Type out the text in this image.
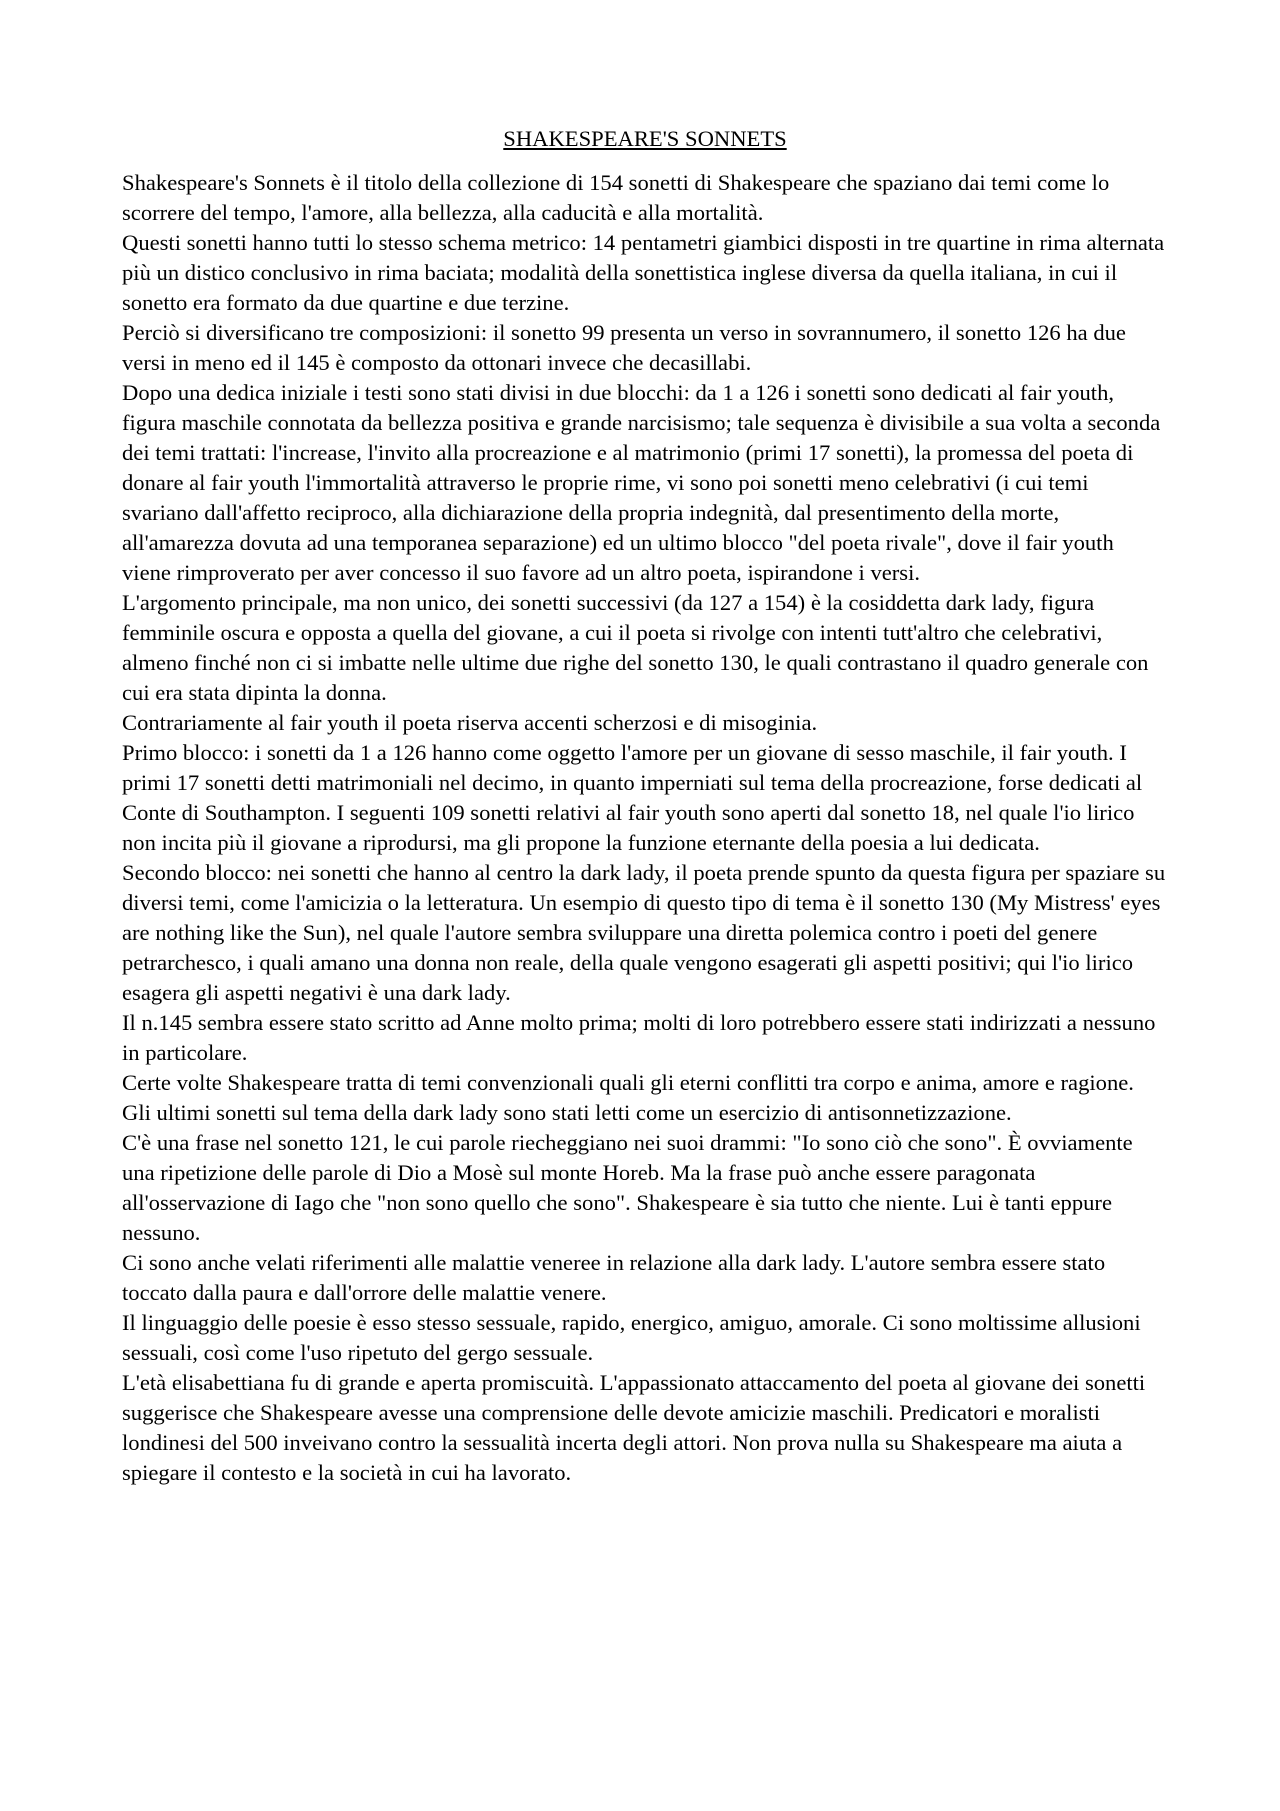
SHAKESPEARE'S SONNETS

Shakespeare's Sonnets è il titolo della collezione di 154 sonetti di Shakespeare che spaziano dai temi come lo scorrere del tempo, l'amore, alla bellezza, alla caducità e alla mortalità.

Questi sonetti hanno tutti lo stesso schema metrico: 14 pentametri giambici disposti in tre quartine in rima alternata più un distico conclusivo in rima baciata; modalità della sonettistica inglese diversa da quella italiana, in cui il sonetto era formato da due quartine e due terzine.

Perciò si diversificano tre composizioni: il sonetto 99 presenta un verso in sovrannumero, il sonetto 126 ha due versi in meno ed il 145 è composto da ottonari invece che decasillabi.

Dopo una dedica iniziale i testi sono stati divisi in due blocchi: da 1 a 126 i sonetti sono dedicati al fair youth, figura maschile connotata da bellezza positiva e grande narcisismo; tale sequenza è divisibile a sua volta a seconda dei temi trattati: l'increase, l'invito alla procreazione e al matrimonio (primi 17 sonetti), la promessa del poeta di donare al fair youth l'immortalità attraverso le proprie rime, vi sono poi sonetti meno celebrativi (i cui temi svariano dall'affetto reciproco, alla dichiarazione della propria indegnità, dal presentimento della morte, all'amarezza dovuta ad una temporanea separazione) ed un ultimo blocco "del poeta rivale", dove il fair youth viene rimproverato per aver concesso il suo favore ad un altro poeta, ispirandone i versi.

L'argomento principale, ma non unico, dei sonetti successivi (da 127 a 154) è la cosiddetta dark lady, figura femminile oscura e opposta a quella del giovane, a cui il poeta si rivolge con intenti tutt'altro che celebrativi, almeno finché non ci si imbatte nelle ultime due righe del sonetto 130, le quali contrastano il quadro generale con cui era stata dipinta la donna.

Contrariamente al fair youth il poeta riserva accenti scherzosi e di misoginia.

Primo blocco: i sonetti da 1 a 126 hanno come oggetto l'amore per un giovane di sesso maschile, il fair youth. I primi 17 sonetti detti matrimoniali nel decimo, in quanto imperniati sul tema della procreazione, forse dedicati al Conte di Southampton. I seguenti 109 sonetti relativi al fair youth sono aperti dal sonetto 18, nel quale l'io lirico non incita più il giovane a riprodursi, ma gli propone la funzione eternante della poesia a lui dedicata.

Secondo blocco: nei sonetti che hanno al centro la dark lady, il poeta prende spunto da questa figura per spaziare su diversi temi, come l'amicizia o la letteratura. Un esempio di questo tipo di tema è il sonetto 130 (My Mistress' eyes are nothing like the Sun), nel quale l'autore sembra sviluppare una diretta polemica contro i poeti del genere petrarchesco, i quali amano una donna non reale, della quale vengono esagerati gli aspetti positivi; qui l'io lirico esagera gli aspetti negativi è una dark lady.

Il n.145 sembra essere stato scritto ad Anne molto prima; molti di loro potrebbero essere stati indirizzati a nessuno in particolare.

Certe volte Shakespeare tratta di temi convenzionali quali gli eterni conflitti tra corpo e anima, amore e ragione. Gli ultimi sonetti sul tema della dark lady sono stati letti come un esercizio di antisonnetizzazione.

C'è una frase nel sonetto 121, le cui parole riecheggiano nei suoi drammi: "Io sono ciò che sono". È ovviamente una ripetizione delle parole di Dio a Mosè sul monte Horeb. Ma la frase può anche essere paragonata all'osservazione di Iago che "non sono quello che sono". Shakespeare è sia tutto che niente. Lui è tanti eppure nessuno.

Ci sono anche velati riferimenti alle malattie veneree in relazione alla dark lady. L'autore sembra essere stato toccato dalla paura e dall'orrore delle malattie venere.

Il linguaggio delle poesie è esso stesso sessuale, rapido, energico, amiguo, amorale. Ci sono moltissime allusioni sessuali, così come l'uso ripetuto del gergo sessuale.

L'età elisabettiana fu di grande e aperta promiscuità. L'appassionato attaccamento del poeta al giovane dei sonetti suggerisce che Shakespeare avesse una comprensione delle devote amicizie maschili. Predicatori e moralisti londinesi del 500 inveivano contro la sessualità incerta degli attori. Non prova nulla su Shakespeare ma aiuta a spiegare il contesto e la società in cui ha lavorato.
